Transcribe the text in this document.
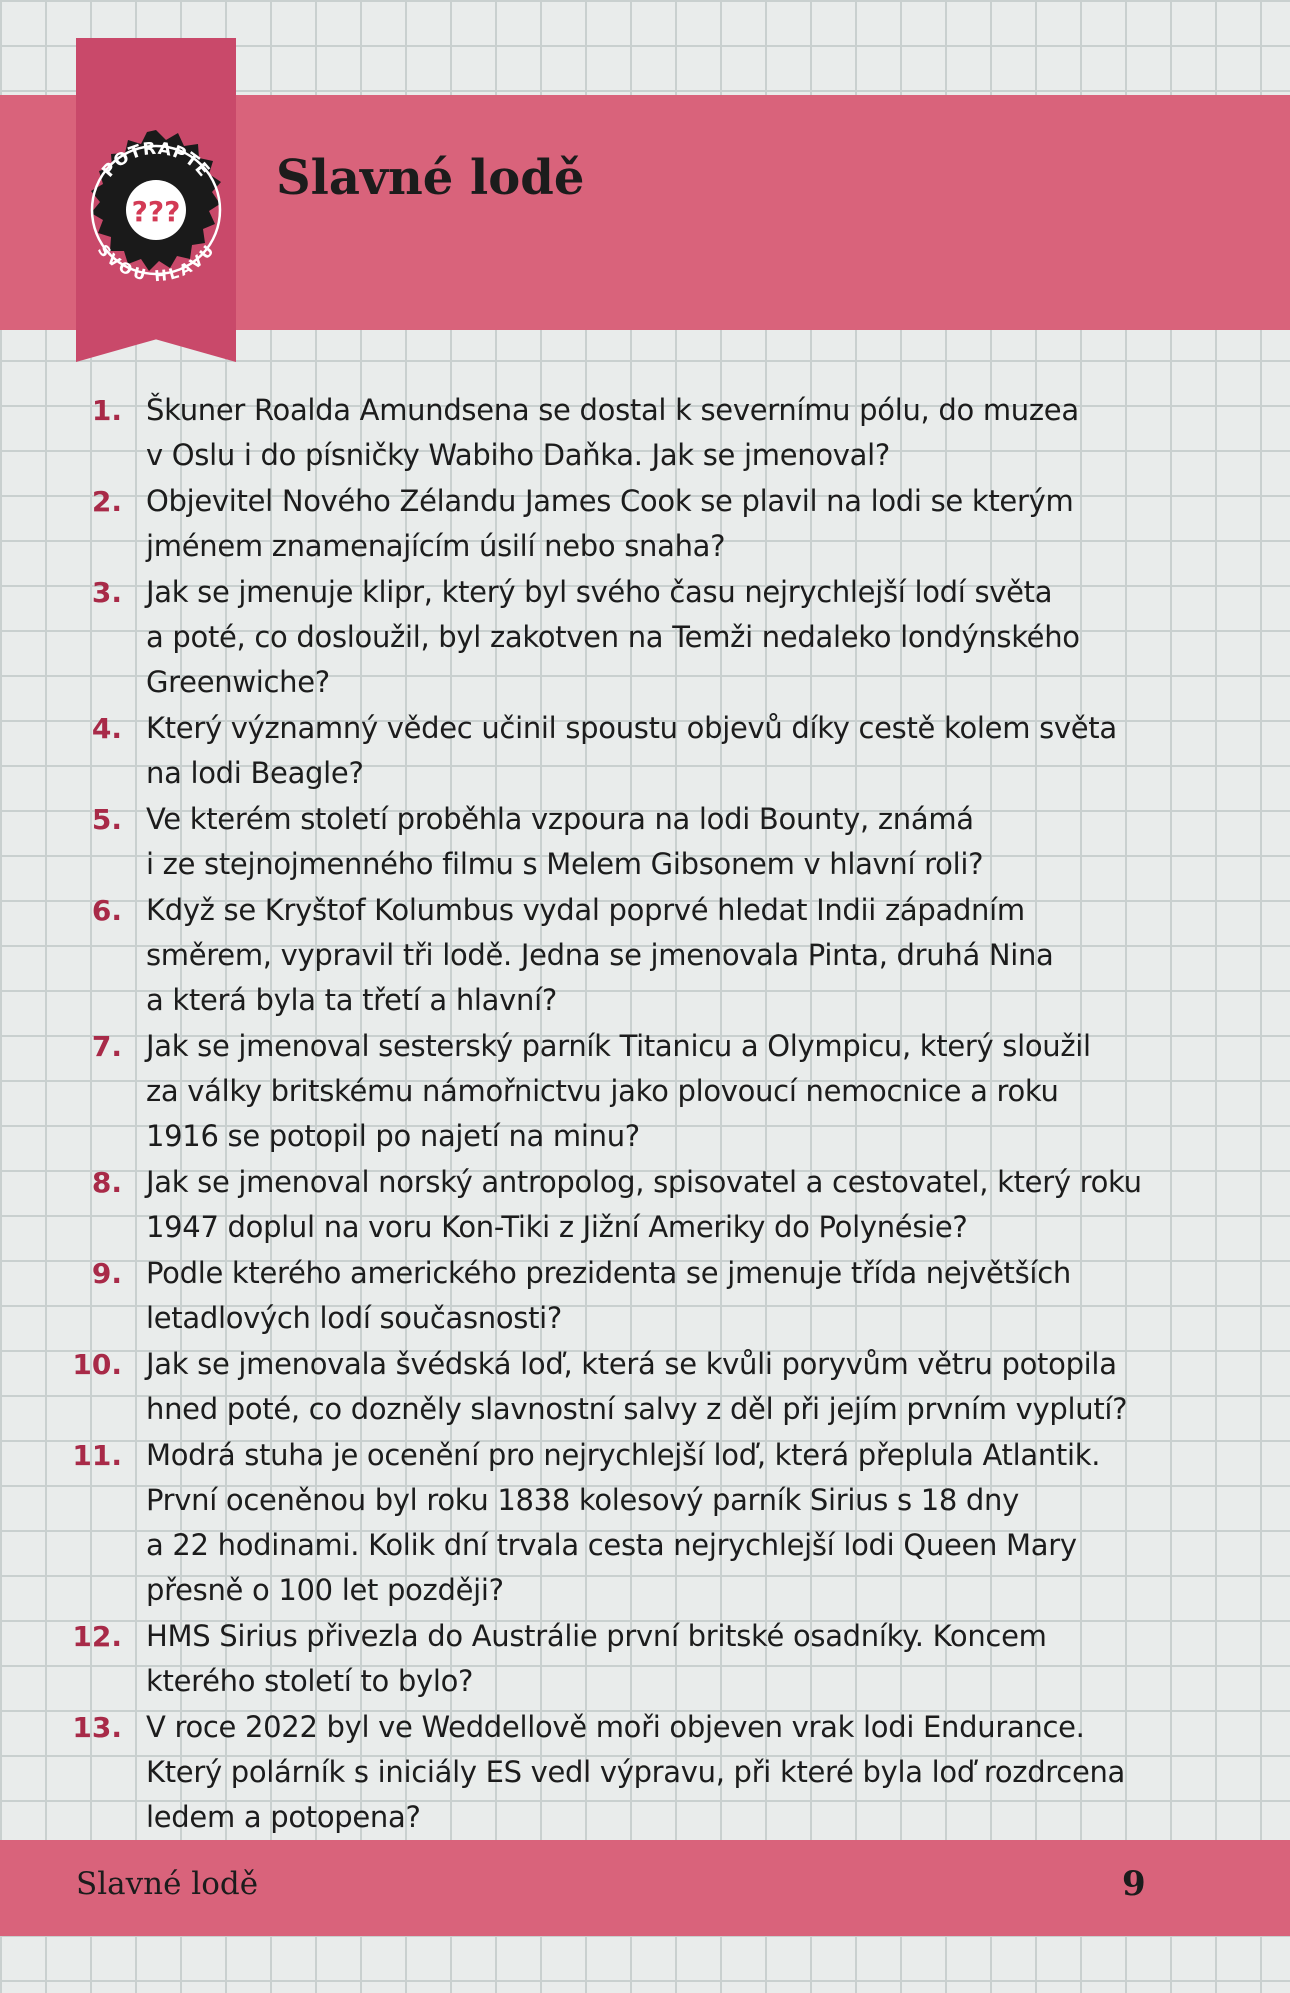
POTRAPTE
SVOU HLAVU
???
Slavné lodě
1. Škuner Roalda Amundsena se dostal k severnímu pólu, do muzea
v Oslu i do písničky Wabiho Daňka. Jak se jmenoval?
2. Objevitel Nového Zélandu James Cook se plavil na lodi se kterým
jménem znamenajícím úsilí nebo snaha?
3. Jak se jmenuje klipr, který byl svého času nejrychlejší lodí světa
a poté, co dosloužil, byl zakotven na Temži nedaleko londýnského
Greenwiche?
4. Který významný vědec učinil spoustu objevů díky cestě kolem světa
na lodi Beagle?
5. Ve kterém století proběhla vzpoura na lodi Bounty, známá
i ze stejnojmenného filmu s Melem Gibsonem v hlavní roli?
6. Když se Kryštof Kolumbus vydal poprvé hledat Indii západním
směrem, vypravil tři lodě. Jedna se jmenovala Pinta, druhá Nina
a která byla ta třetí a hlavní?
7. Jak se jmenoval sesterský parník Titanicu a Olympicu, který sloužil
za války britskému námořnictvu jako plovoucí nemocnice a roku
1916 se potopil po najetí na minu?
8. Jak se jmenoval norský antropolog, spisovatel a cestovatel, který roku
1947 doplul na voru Kon-Tiki z Jižní Ameriky do Polynésie?
9. Podle kterého amerického prezidenta se jmenuje třída největších
letadlových lodí současnosti?
10. Jak se jmenovala švédská loď, která se kvůli poryvům větru potopila
hned poté, co dozněly slavnostní salvy z děl při jejím prvním vyplutí?
11. Modrá stuha je ocenění pro nejrychlejší loď, která přeplula Atlantik.
První oceněnou byl roku 1838 kolesový parník Sirius s 18 dny
a 22 hodinami. Kolik dní trvala cesta nejrychlejší lodi Queen Mary
přesně o 100 let později?
12. HMS Sirius přivezla do Austrálie první britské osadníky. Koncem
kterého století to bylo?
13. V roce 2022 byl ve Weddellově moři objeven vrak lodi Endurance.
Který polárník s iniciály ES vedl výpravu, při které byla loď rozdrcena
ledem a potopena?
Slavné lodě	9
